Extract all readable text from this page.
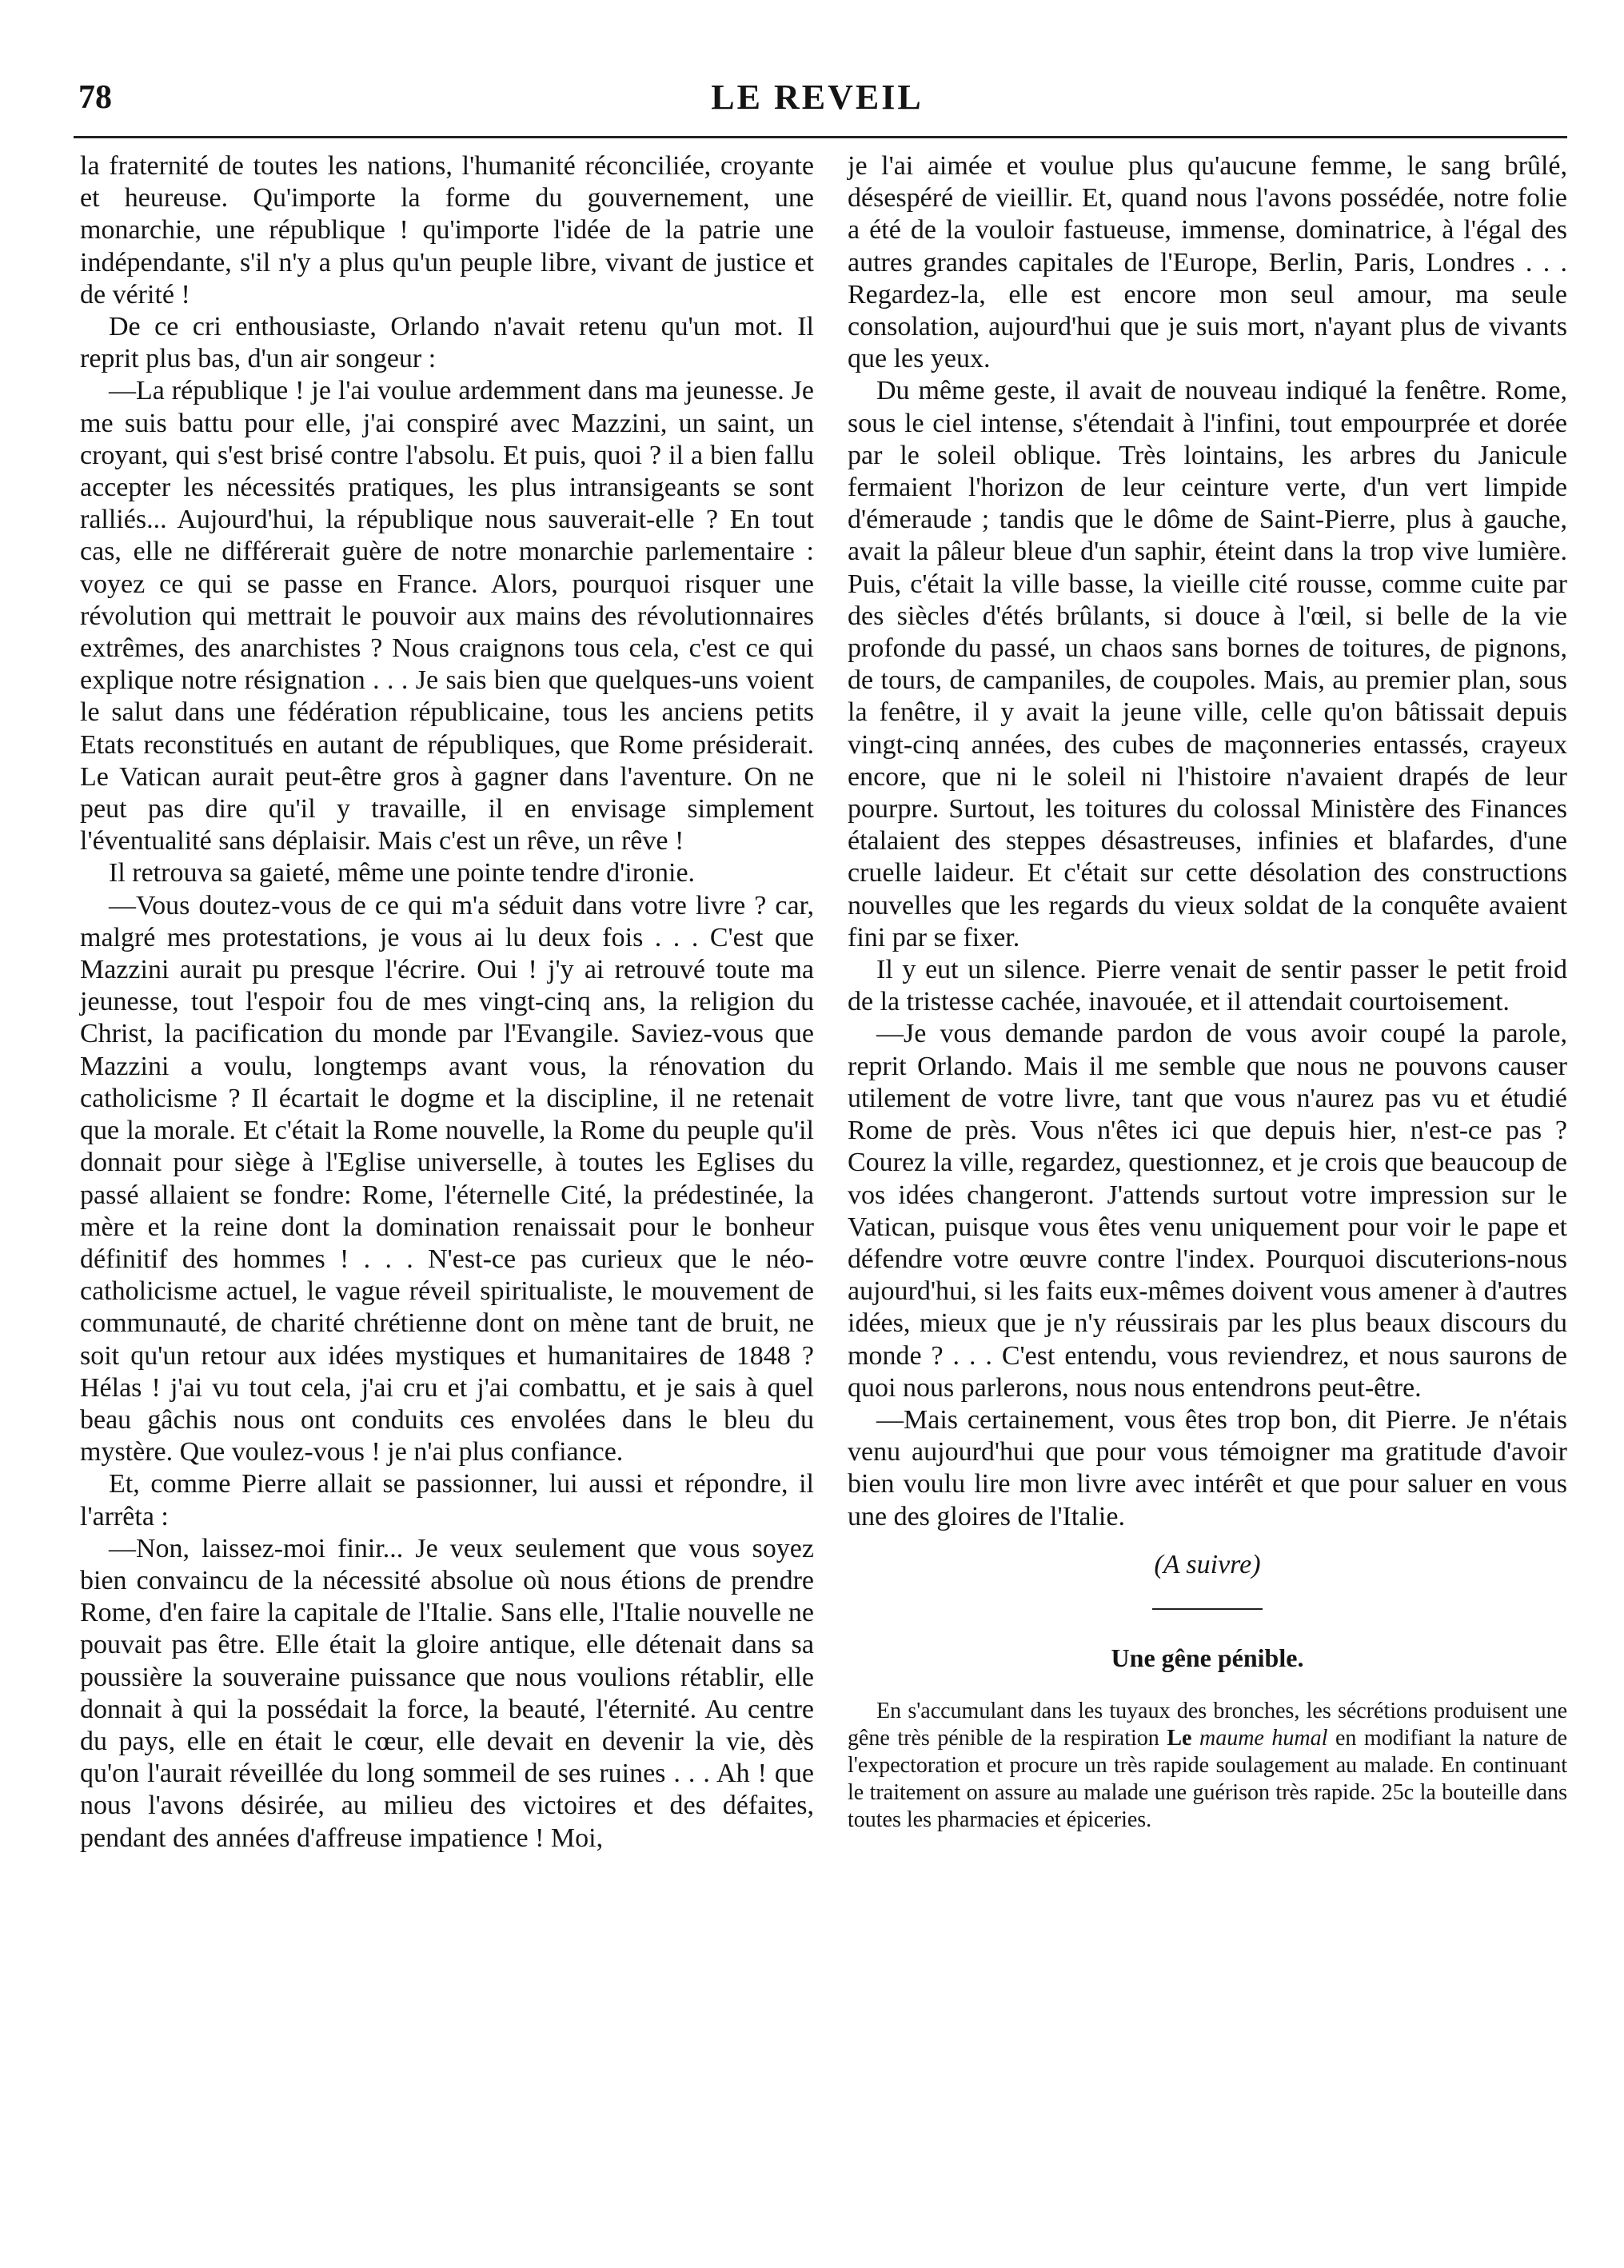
78	LE REVEIL

la fraternité de toutes les nations, l'humanité réconciliée, croyante et heureuse. Qu'importe la forme du gouvernement, une monarchie, une république ! qu'importe l'idée de la patrie une indépendante, s'il n'y a plus qu'un peuple libre, vivant de justice et de vérité !

De ce cri enthousiaste, Orlando n'avait retenu qu'un mot. Il reprit plus bas, d'un air songeur :

—La république ! je l'ai voulue ardemment dans ma jeunesse. Je me suis battu pour elle, j'ai conspiré avec Mazzini, un saint, un croyant, qui s'est brisé contre l'absolu. Et puis, quoi ? il a bien fallu accepter les nécessités pratiques, les plus intransigeants se sont ralliés... Aujourd'hui, la république nous sauverait-elle ? En tout cas, elle ne différerait guère de notre monarchie parlementaire : voyez ce qui se passe en France. Alors, pourquoi risquer une révolution qui mettrait le pouvoir aux mains des révolutionnaires extrêmes, des anarchistes ? Nous craignons tous cela, c'est ce qui explique notre résignation . . . Je sais bien que quelques-uns voient le salut dans une fédération républicaine, tous les anciens petits Etats reconstitués en autant de républiques, que Rome présiderait. Le Vatican aurait peut-être gros à gagner dans l'aventure. On ne peut pas dire qu'il y travaille, il en envisage simplement l'éventualité sans déplaisir. Mais c'est un rêve, un rêve !

Il retrouva sa gaieté, même une pointe tendre d'ironie.

—Vous doutez-vous de ce qui m'a séduit dans votre livre ? car, malgré mes protestations, je vous ai lu deux fois . . . C'est que Mazzini aurait pu presque l'écrire. Oui ! j'y ai retrouvé toute ma jeunesse, tout l'espoir fou de mes vingt-cinq ans, la religion du Christ, la pacification du monde par l'Evangile. Saviez-vous que Mazzini a voulu, longtemps avant vous, la rénovation du catholicisme ? Il écartait le dogme et la discipline, il ne retenait que la morale. Et c'était la Rome nouvelle, la Rome du peuple qu'il donnait pour siège à l'Eglise universelle, à toutes les Eglises du passé allaient se fondre: Rome, l'éternelle Cité, la prédestinée, la mère et la reine dont la domination renaissait pour le bonheur définitif des hommes ! . . . N'est-ce pas curieux que le néo-catholicisme actuel, le vague réveil spiritualiste, le mouvement de communauté, de charité chrétienne dont on mène tant de bruit, ne soit qu'un retour aux idées mystiques et humanitaires de 1848 ? Hélas ! j'ai vu tout cela, j'ai cru et j'ai combattu, et je sais à quel beau gâchis nous ont conduits ces envolées dans le bleu du mystère. Que voulez-vous ! je n'ai plus confiance.

Et, comme Pierre allait se passionner, lui aussi et répondre, il l'arrêta :

—Non, laissez-moi finir... Je veux seulement que vous soyez bien convaincu de la nécessité absolue où nous étions de prendre Rome, d'en faire la capitale de l'Italie. Sans elle, l'Italie nouvelle ne pouvait pas être. Elle était la gloire antique, elle détenait dans sa poussière la souveraine puissance que nous voulions rétablir, elle donnait à qui la possédait la force, la beauté, l'éternité. Au centre du pays, elle en était le cœur, elle devait en devenir la vie, dès qu'on l'aurait réveillée du long sommeil de ses ruines . . . Ah ! que nous l'avons désirée, au milieu des victoires et des défaites, pendant des années d'affreuse impatience ! Moi,

je l'ai aimée et voulue plus qu'aucune femme, le sang brûlé, désespéré de vieillir. Et, quand nous l'avons possédée, notre folie a été de la vouloir fastueuse, immense, dominatrice, à l'égal des autres grandes capitales de l'Europe, Berlin, Paris, Londres . . . Regardez-la, elle est encore mon seul amour, ma seule consolation, aujourd'hui que je suis mort, n'ayant plus de vivants que les yeux.

Du même geste, il avait de nouveau indiqué la fenêtre. Rome, sous le ciel intense, s'étendait à l'infini, tout empourprée et dorée par le soleil oblique. Très lointains, les arbres du Janicule fermaient l'horizon de leur ceinture verte, d'un vert limpide d'émeraude ; tandis que le dôme de Saint-Pierre, plus à gauche, avait la pâleur bleue d'un saphir, éteint dans la trop vive lumière. Puis, c'était la ville basse, la vieille cité rousse, comme cuite par des siècles d'étés brûlants, si douce à l'œil, si belle de la vie profonde du passé, un chaos sans bornes de toitures, de pignons, de tours, de campaniles, de coupoles. Mais, au premier plan, sous la fenêtre, il y avait la jeune ville, celle qu'on bâtissait depuis vingt-cinq années, des cubes de maçonneries entassés, crayeux encore, que ni le soleil ni l'histoire n'avaient drapés de leur pourpre. Surtout, les toitures du colossal Ministère des Finances étalaient des steppes désastreuses, infinies et blafardes, d'une cruelle laideur. Et c'était sur cette désolation des constructions nouvelles que les regards du vieux soldat de la conquête avaient fini par se fixer.

Il y eut un silence. Pierre venait de sentir passer le petit froid de la tristesse cachée, inavouée, et il attendait courtoisement.

—Je vous demande pardon de vous avoir coupé la parole, reprit Orlando. Mais il me semble que nous ne pouvons causer utilement de votre livre, tant que vous n'aurez pas vu et étudié Rome de près. Vous n'êtes ici que depuis hier, n'est-ce pas ? Courez la ville, regardez, questionnez, et je crois que beaucoup de vos idées changeront. J'attends surtout votre impression sur le Vatican, puisque vous êtes venu uniquement pour voir le pape et défendre votre œuvre contre l'index. Pourquoi discuterions-nous aujourd'hui, si les faits eux-mêmes doivent vous amener à d'autres idées, mieux que je n'y réussirais par les plus beaux discours du monde ? . . . C'est entendu, vous reviendrez, et nous saurons de quoi nous parlerons, nous nous entendrons peut-être.

—Mais certainement, vous êtes trop bon, dit Pierre. Je n'étais venu aujourd'hui que pour vous témoigner ma gratitude d'avoir bien voulu lire mon livre avec intérêt et que pour saluer en vous une des gloires de l'Italie.

(A suivre)
Une gêne pénible.

En s'accumulant dans les tuyaux des bronches, les sécrétions produisent une gêne très pénible de la respiration Le maume humal en modifiant la nature de l'expectoration et procure un très rapide soulagement au malade. En continuant le traitement on assure au malade une guérison très rapide. 25c la bouteille dans toutes les pharmacies et épiceries.
